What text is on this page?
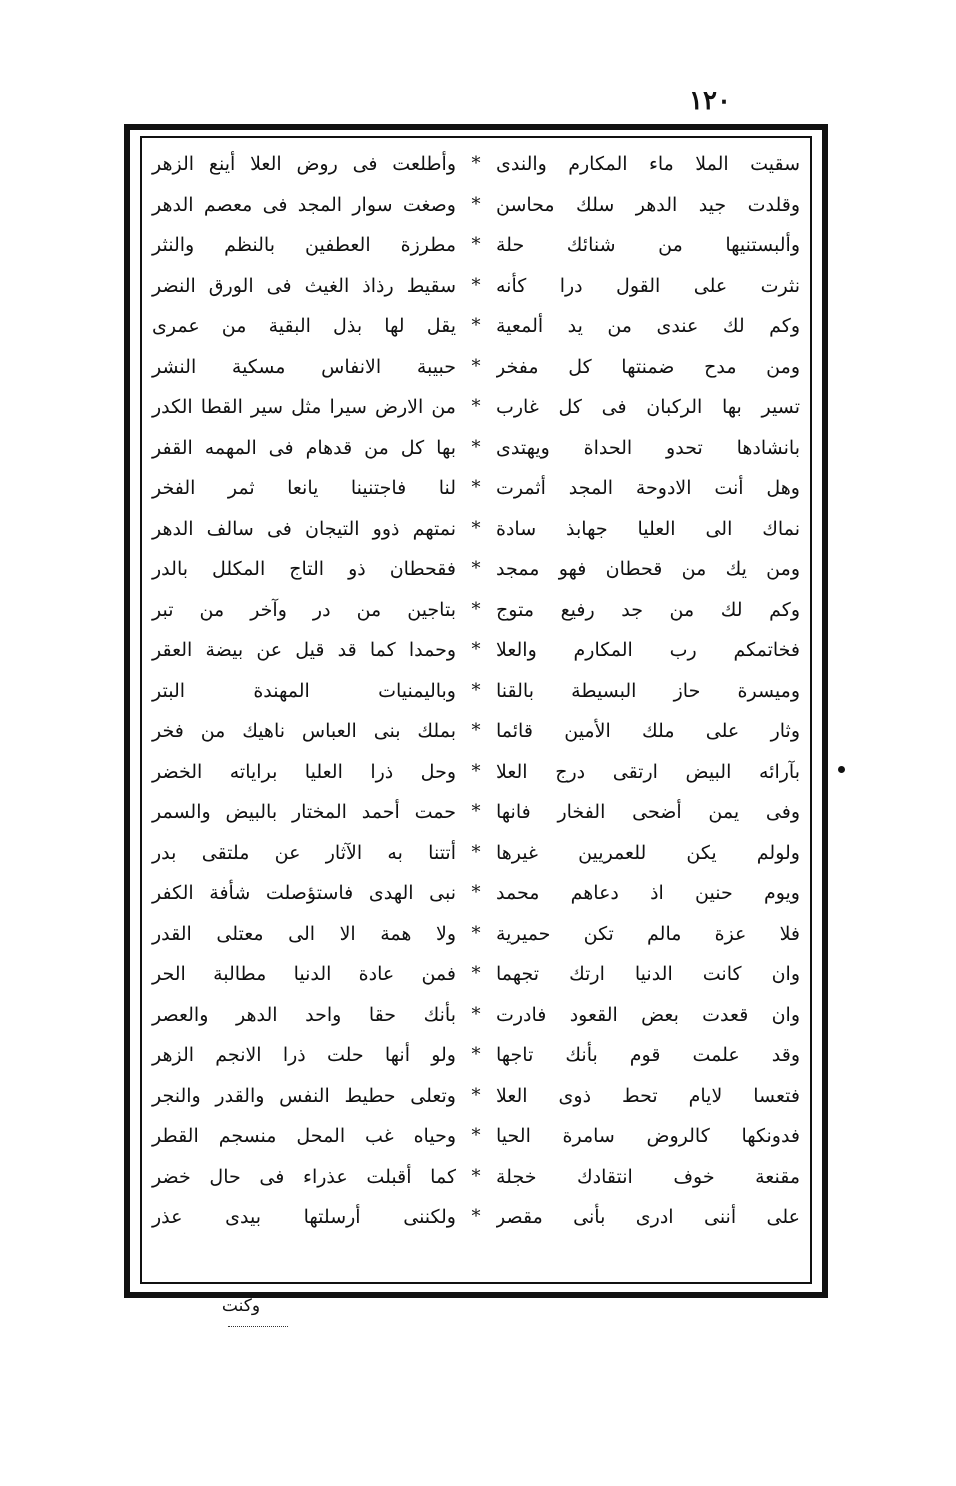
١٢٠
سقيت الملا ماء المكارم والندى
*
وأطلعت فى روض العلا أينع الزهر
وقلدت جيد الدهر سلك محاسن
*
وصغت سوار المجد فى معصم الدهر
وألبستنيها من شنائك حلة
*
مطرزة العطفين بالنظم والنثر
نثرت على القول درا كأنه
*
سقيط رذاذ الغيث فى الورق النضر
وكم لك عندى من يد ألمعية
*
يقل لها بذل البقية من عمرى
ومن مدح ضمنتها كل مفخر
*
حبيبة الانفاس مسكية النشر
تسير بها الركبان فى كل غارب
*
من الارض سيرا مثل سير القطا الكدر
بانشادها تحدو الحداة ويهتدى
*
بها كل من قدهام فى المهمه القفر
وهل أنت الادوحة المجد أثمرت
*
لنا فاجتنينا يانعا ثمر الفخر
نماك الى العليا جهابذ سادة
*
نمتهم ذوو التيجان فى سالف الدهر
ومن يك من قحطان فهو ممجد
*
فقحطان ذو التاج المكلل بالدر
وكم لك من جد رفيع متوج
*
بتاجين من در وآخر من تبر
فخاتمكم رب المكارم والعلا
*
وحمدا كما قد قيل عن بيضة العقر
وميسرة حاز البسيطة بالقنا
*
وباليمنيات المهندة البتر
وثار على ملك الأمين قائما
*
بملك بنى العباس ناهيك من فخر
بآرائه البيض ارتقى درج العلا
*
وحل ذرا العليا براياته الخضر
وفى يمن أضحى الفخار فانها
*
حمت أحمد المختار بالبيض والسمر
ولولم يكن للعمريين غيرها
*
أتتنا به الآثار عن ملتقى بدر
ويوم حنين اذ دعاهم محمد
*
نبى الهدى فاستؤصلت شأفة الكفر
فلا عزة مالم تكن حميرية
*
ولا همة الا الى معتلى القدر
وان كانت الدنيا ارتك تجهما
*
فمن عادة الدنيا مطالبة الحر
وان قعدت بعض القعود فادرت
*
بأنك حقا واحد الدهر والعصر
وقد علمت قوم بأنك تاجها
*
ولو أنها حلت ذرا الانجم الزهر
فتعسا لايام تحط ذوى العلا
*
وتعلى حطيط النفس والقدر والنجر
فدونكها كالروض سامرة الحيا
*
وحياه غب المحل منسجم القطر
مقنعة خوف انتقادك خجلة
*
كما أقبلت عذراء فى حال خضر
على أننى ادرى بأنى مقصر
*
ولكننى أرسلتها بيدى عذر
وكنت
